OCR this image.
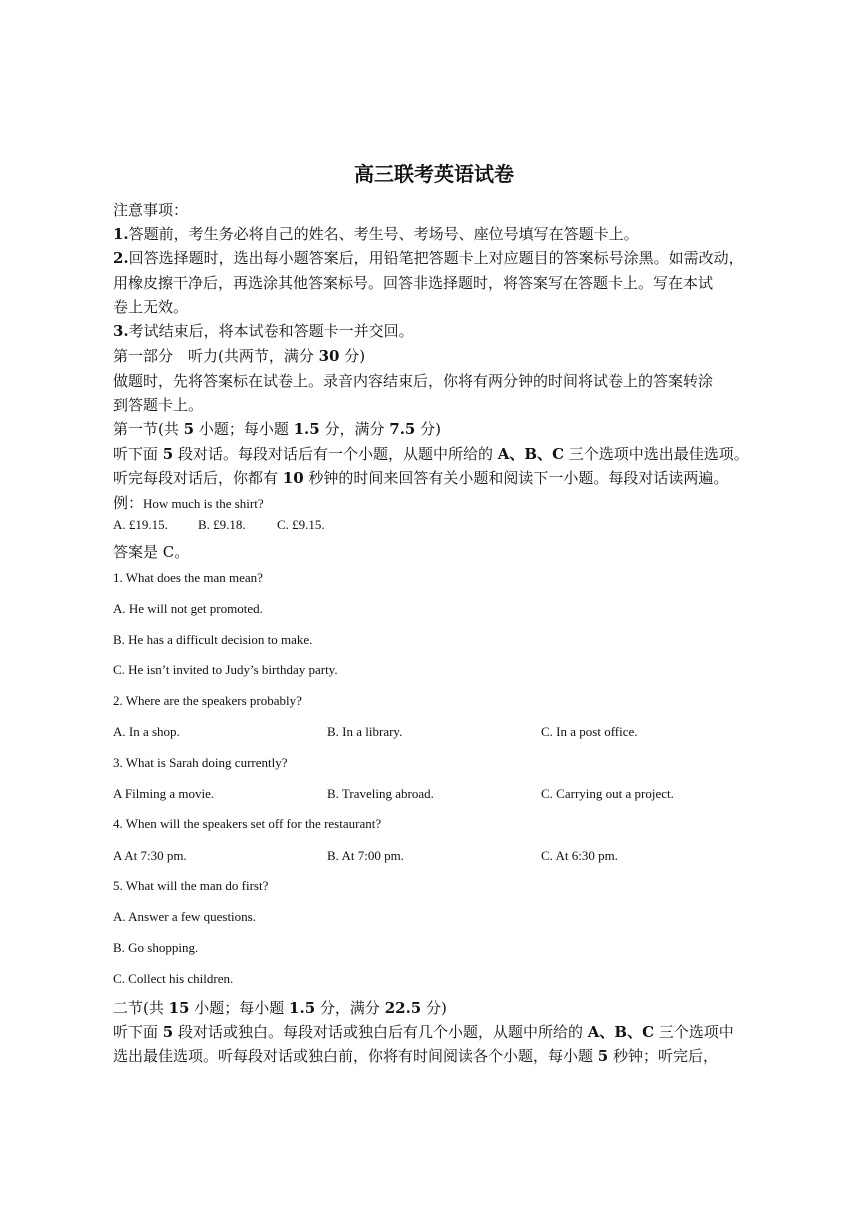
高三联考英语试卷
注意事项：
1.答题前，考生务必将自己的姓名、考生号、考场号、座位号填写在答题卡上。
2.回答选择题时，选出每小题答案后，用铅笔把答题卡上对应题目的答案标号涂黑。如需改动，
用橡皮擦干净后，再选涂其他答案标号。回答非选择题时，将答案写在答题卡上。写在本试
卷上无效。
3.考试结束后，将本试卷和答题卡一并交回。
第一部分　听力(共两节，满分 30 分)
做题时，先将答案标在试卷上。录音内容结束后，你将有两分钟的时间将试卷上的答案转涂
到答题卡上。
第一节(共 5 小题；每小题 1.5 分，满分 7.5 分)
听下面 5 段对话。每段对话后有一个小题，从题中所给的 A、B、C 三个选项中选出最佳选项。
听完每段对话后，你都有 10 秒钟的时间来回答有关小题和阅读下一小题。每段对话读两遍。
例：How much is the shirt?
A. £19.15. B. £9.18. C. £9.15.
答案是 C。
1. What does the man mean?
A. He will not get promoted.
B. He has a difficult decision to make.
C. He isn’t invited to Judy’s birthday party.
2. Where are the speakers probably?
A. In a shop.	B. In a library.	C. In a post office.
3. What is Sarah doing currently?
A Filming a movie.	B. Traveling abroad.	C. Carrying out a project.
4. When will the speakers set off for the restaurant?
A At 7:30 pm.	B. At 7:00 pm.	C. At 6:30 pm.
5. What will the man do first?
A. Answer a few questions.
B. Go shopping.
C. Collect his children.
二节(共 15 小题；每小题 1.5 分，满分 22.5 分)
听下面 5 段对话或独白。每段对话或独白后有几个小题，从题中所给的 A、B、C 三个选项中
选出最佳选项。听每段对话或独白前，你将有时间阅读各个小题，每小题 5 秒钟；听完后，
